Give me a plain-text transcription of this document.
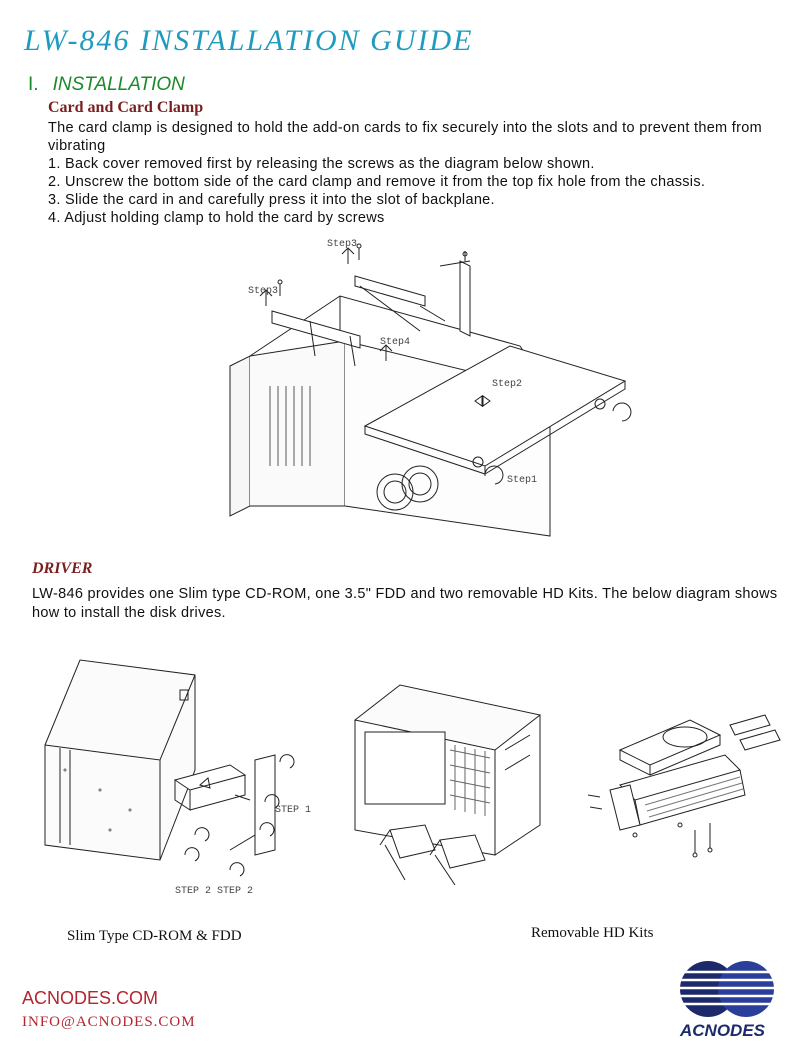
LW-846 INSTALLATION GUIDE
I. INSTALLATION
Card and Card Clamp
The card clamp is designed to hold the add-on cards to fix securely into the slots and to prevent them from vibrating
1. Back cover removed first by releasing the screws as the diagram below shown.
2. Unscrew the bottom side of the card clamp and remove it from the top fix hole from the chassis.
3. Slide the card in and carefully press it into the slot of backplane.
4. Adjust holding clamp to hold the card by screws
Step3
Step3
Step4
Step2
Step1
DRIVER
LW-846 provides one Slim type CD-ROM, one 3.5" FDD and two removable HD Kits. The below diagram shows how to install the disk drives.
STEP 1
STEP 2 STEP 2
Slim Type CD-ROM & FDD	Removable HD Kits
ACNODES.COM
INFO@ACNODES.COM	ACNODES
